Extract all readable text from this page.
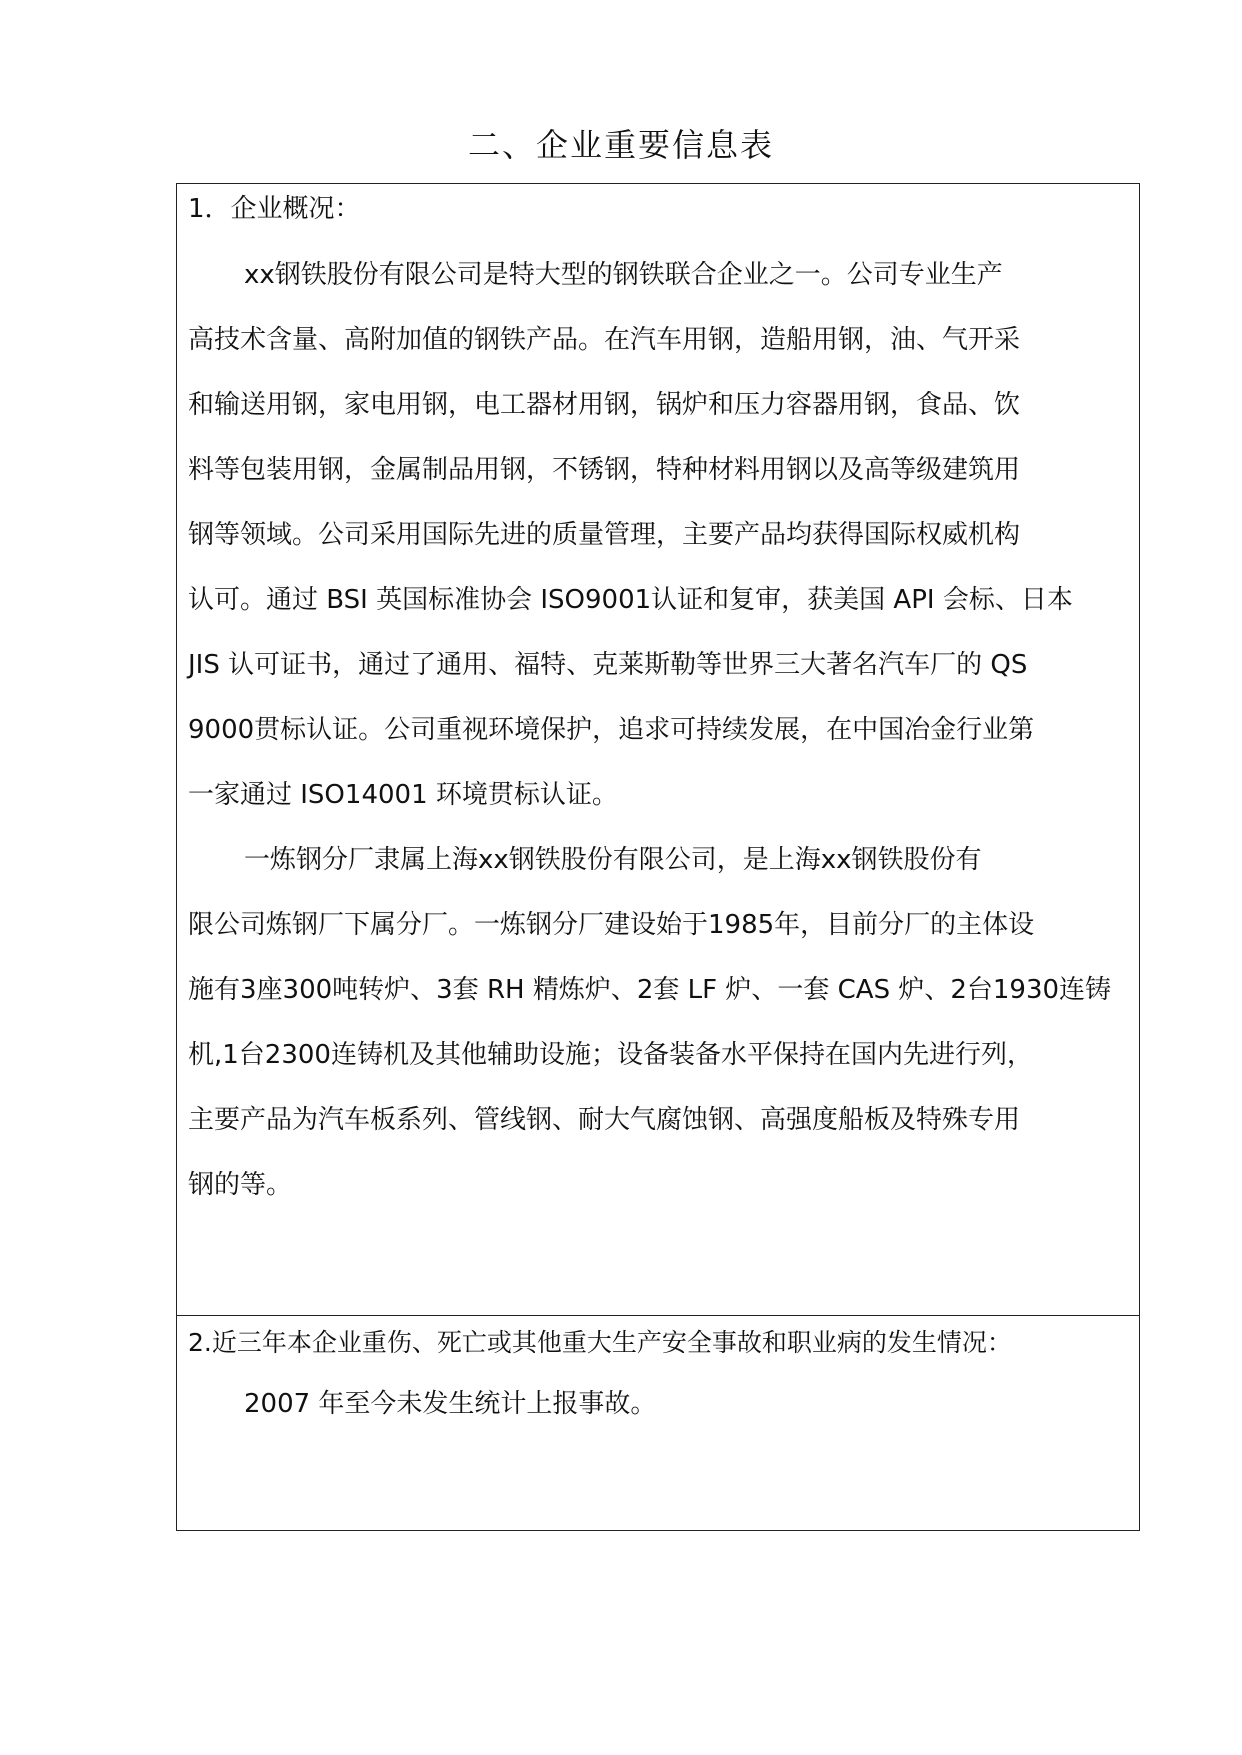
二、企业重要信息表
1．企业概况：
xx钢铁股份有限公司是特大型的钢铁联合企业之一。公司专业生产
高技术含量、高附加值的钢铁产品。在汽车用钢，造船用钢，油、气开采
和输送用钢，家电用钢，电工器材用钢，锅炉和压力容器用钢，食品、饮
料等包装用钢，金属制品用钢，不锈钢，特种材料用钢以及高等级建筑用
钢等领域。公司采用国际先进的质量管理，主要产品均获得国际权威机构
认可。通过 BSI 英国标准协会 ISO9001认证和复审，获美国 API 会标、日本
JIS 认可证书，通过了通用、福特、克莱斯勒等世界三大著名汽车厂的 QS
9000贯标认证。公司重视环境保护，追求可持续发展，在中国冶金行业第
一家通过 ISO14001 环境贯标认证。
一炼钢分厂隶属上海xx钢铁股份有限公司，是上海xx钢铁股份有
限公司炼钢厂下属分厂。一炼钢分厂建设始于1985年，目前分厂的主体设
施有3座300吨转炉、3套 RH 精炼炉、2套 LF 炉、一套 CAS 炉、2台1930连铸
机,1台2300连铸机及其他辅助设施；设备装备水平保持在国内先进行列，
主要产品为汽车板系列、管线钢、耐大气腐蚀钢、高强度船板及特殊专用
钢的等。
2.近三年本企业重伤、死亡或其他重大生产安全事故和职业病的发生情况：
2007 年至今未发生统计上报事故。
